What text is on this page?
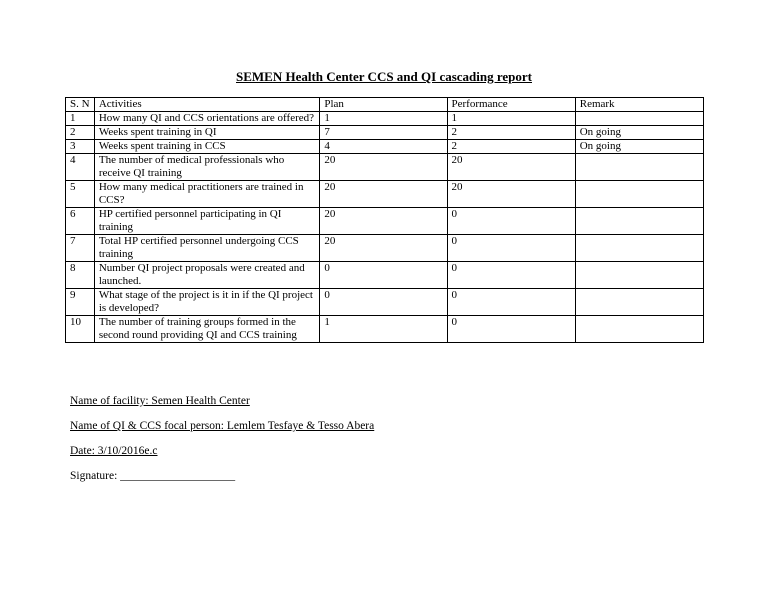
SEMEN Health Center CCS and QI cascading report
S. N	Activities	Plan	Performance	Remark
1	How many QI and CCS orientations are offered?	1	1	
2	Weeks spent training in QI	7	2	On going
3	Weeks spent training in CCS	4	2	On going
4	The number of medical professionals who receive QI training	20	20	
5	How many medical practitioners are trained in CCS?	20	20	
6	HP certified personnel participating in QI training	20	0	
7	Total HP certified personnel undergoing CCS training	20	0	
8	Number QI project proposals were created and launched.	0	0	
9	What stage of the project is it in if the QI project is developed?	0	0	
10	The number of training groups formed in the second round providing QI and CCS training	1	0	
Name of facility: Semen Health Center
Name of QI & CCS focal person: Lemlem Tesfaye & Tesso Abera
Date: 3/10/2016e.c
Signature: ____________________
